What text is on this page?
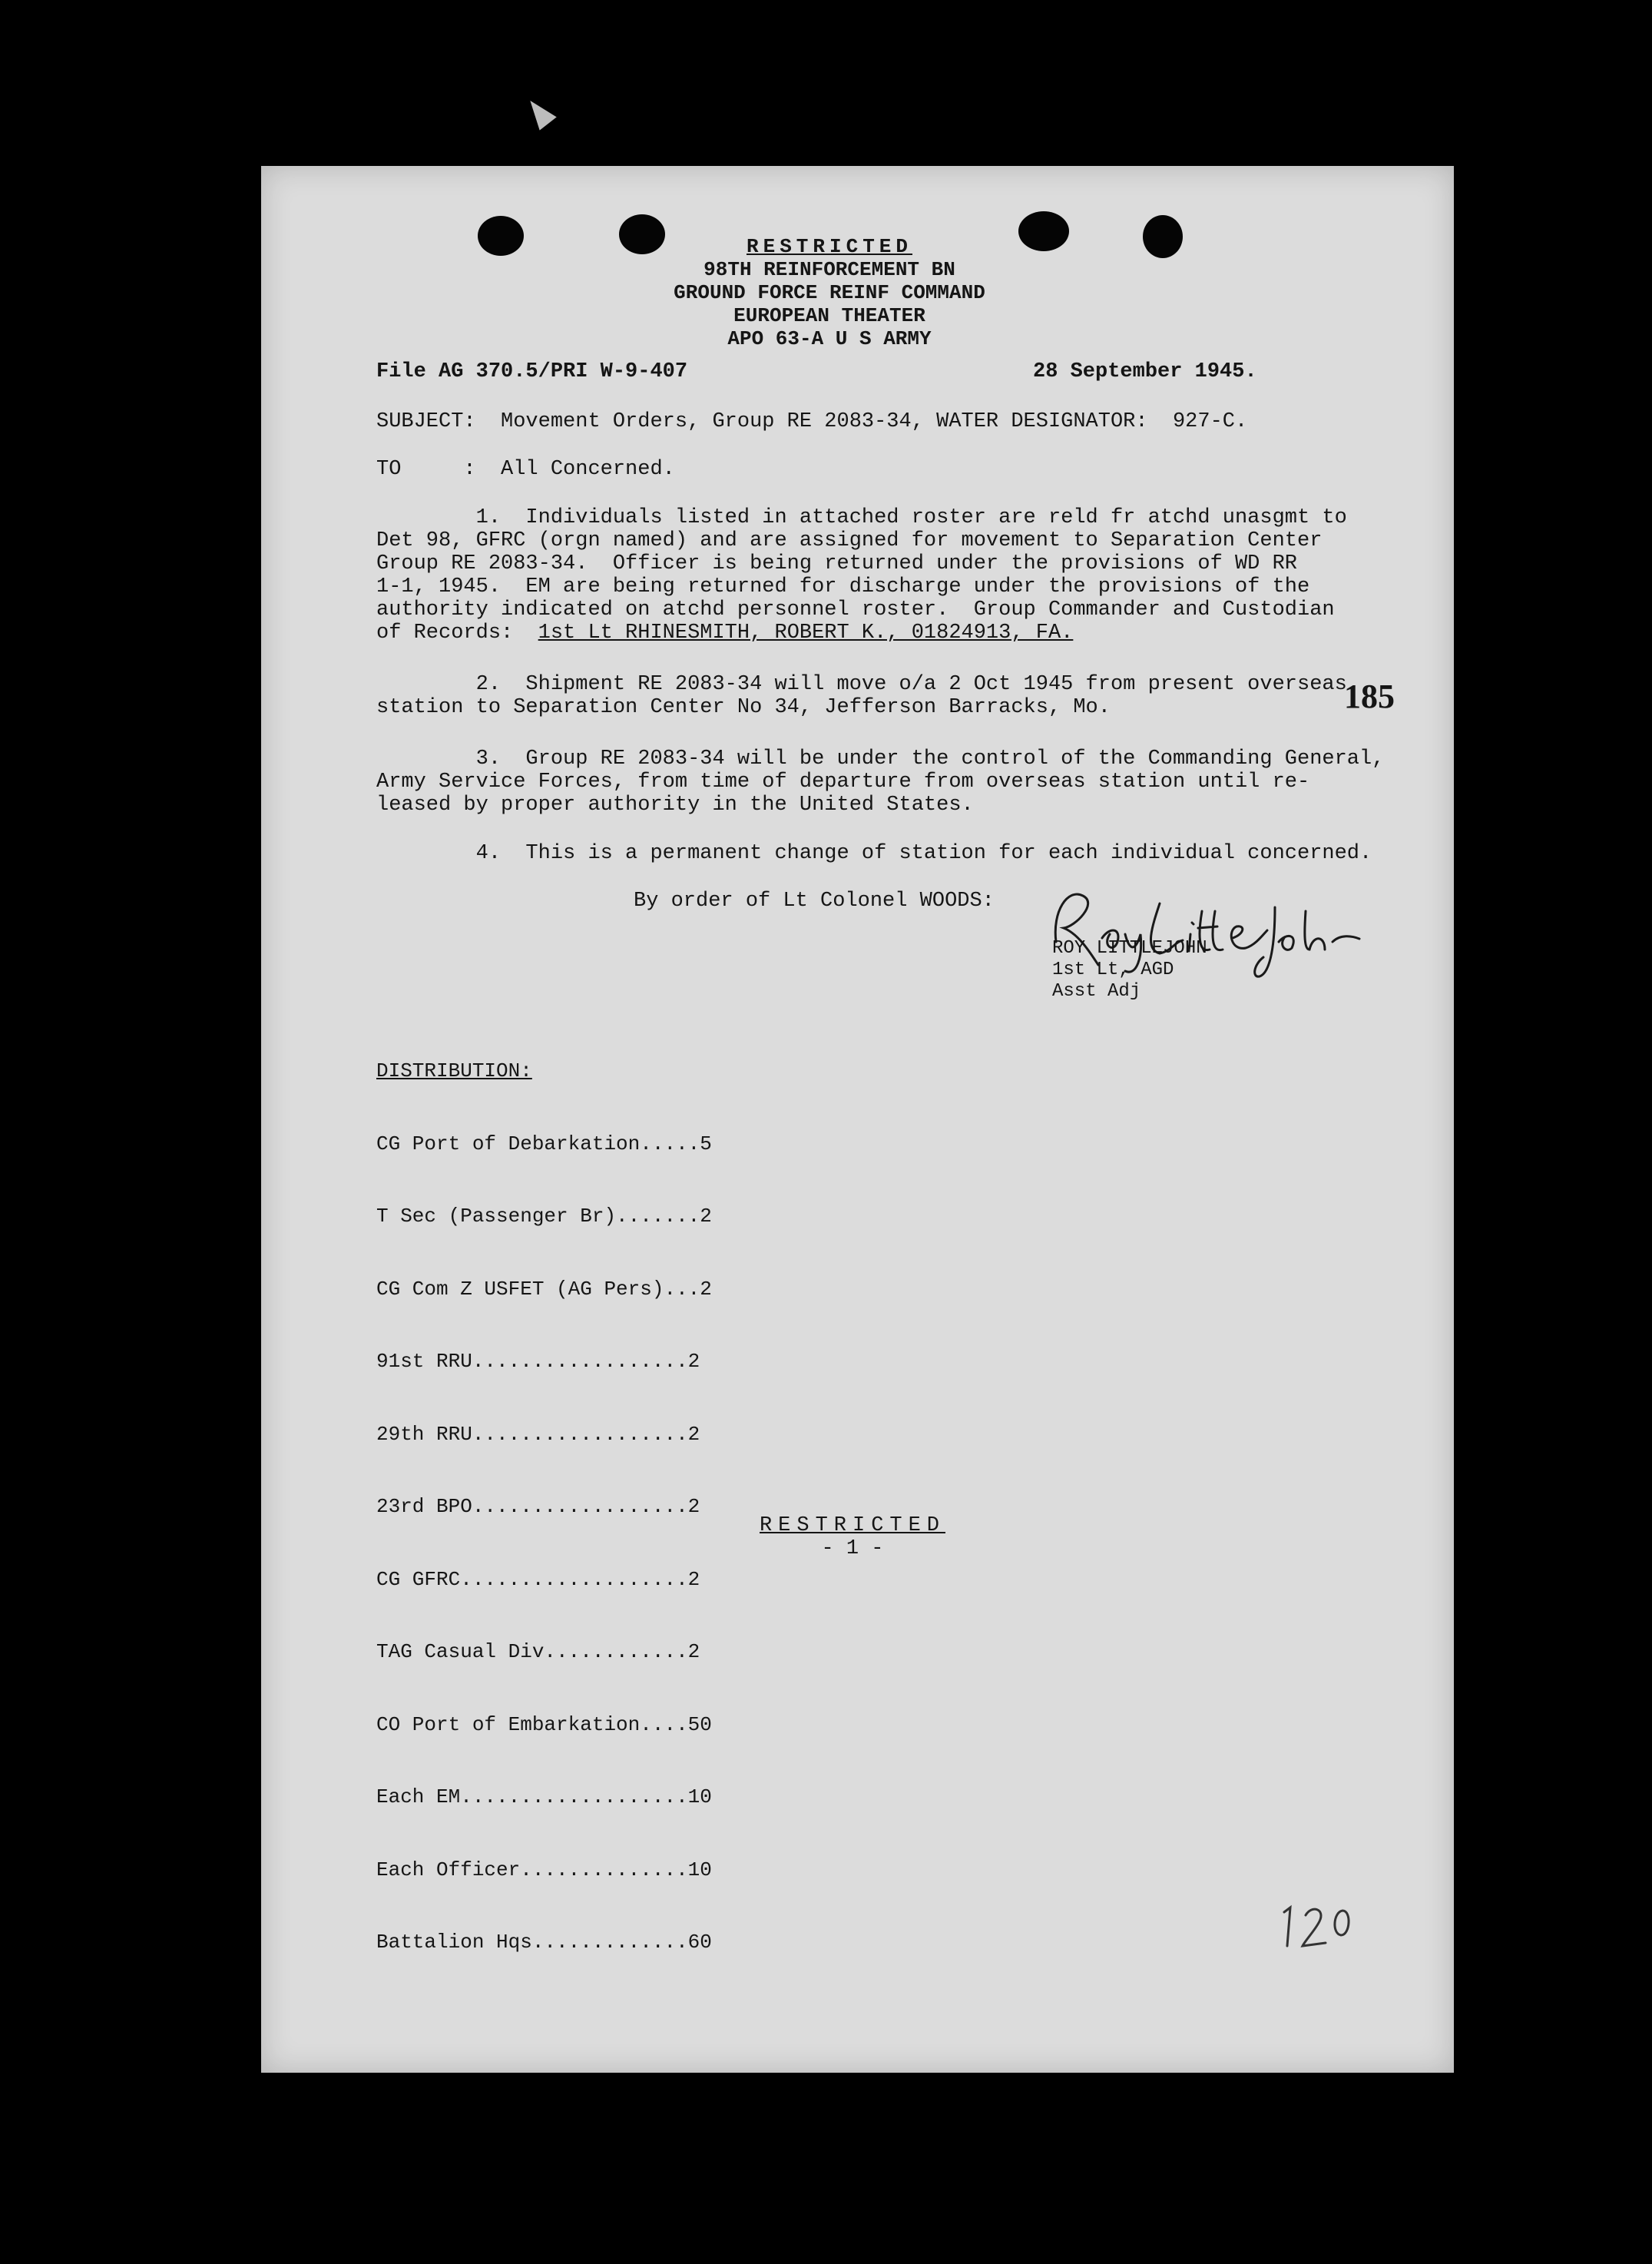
RESTRICTED
98TH REINFORCEMENT BN
GROUND FORCE REINF COMMAND
EUROPEAN THEATER
APO 63-A U S ARMY
File AG 370.5/PRI W-9-407	28 September 1945.
SUBJECT:  Movement Orders, Group RE 2083-34, WATER DESIGNATOR:  927-C.
TO     :  All Concerned.
1.  Individuals listed in attached roster are reld fr atchd unasgmt to
Det 98, GFRC (orgn named) and are assigned for movement to Separation Center
Group RE 2083-34.  Officer is being returned under the provisions of WD RR
1-1, 1945.  EM are being returned for discharge under the provisions of the
authority indicated on atchd personnel roster.  Group Commander and Custodian
of Records:  1st Lt RHINESMITH, ROBERT K., 01824913, FA.
2.  Shipment RE 2083-34 will move o/a 2 Oct 1945 from present overseas
station to Separation Center No 34, Jefferson Barracks, Mo.
3.  Group RE 2083-34 will be under the control of the Commanding General,
Army Service Forces, from time of departure from overseas station until re-
leased by proper authority in the United States.
4.  This is a permanent change of station for each individual concerned.
185
By order of Lt Colonel WOODS:
ROY LITTLEJOHN
1st Lt, AGD
Asst Adj

DISTRIBUTION:

CG Port of Debarkation.....5

T Sec (Passenger Br).......2

CG Com Z USFET (AG Pers)...2

91st RRU..................2

29th RRU..................2

23rd BPO..................2

CG GFRC...................2

TAG Casual Div............2

CO Port of Embarkation....50

Each EM...................10

Each Officer..............10

Battalion Hqs.............60

RESTRICTED
- 1 -
